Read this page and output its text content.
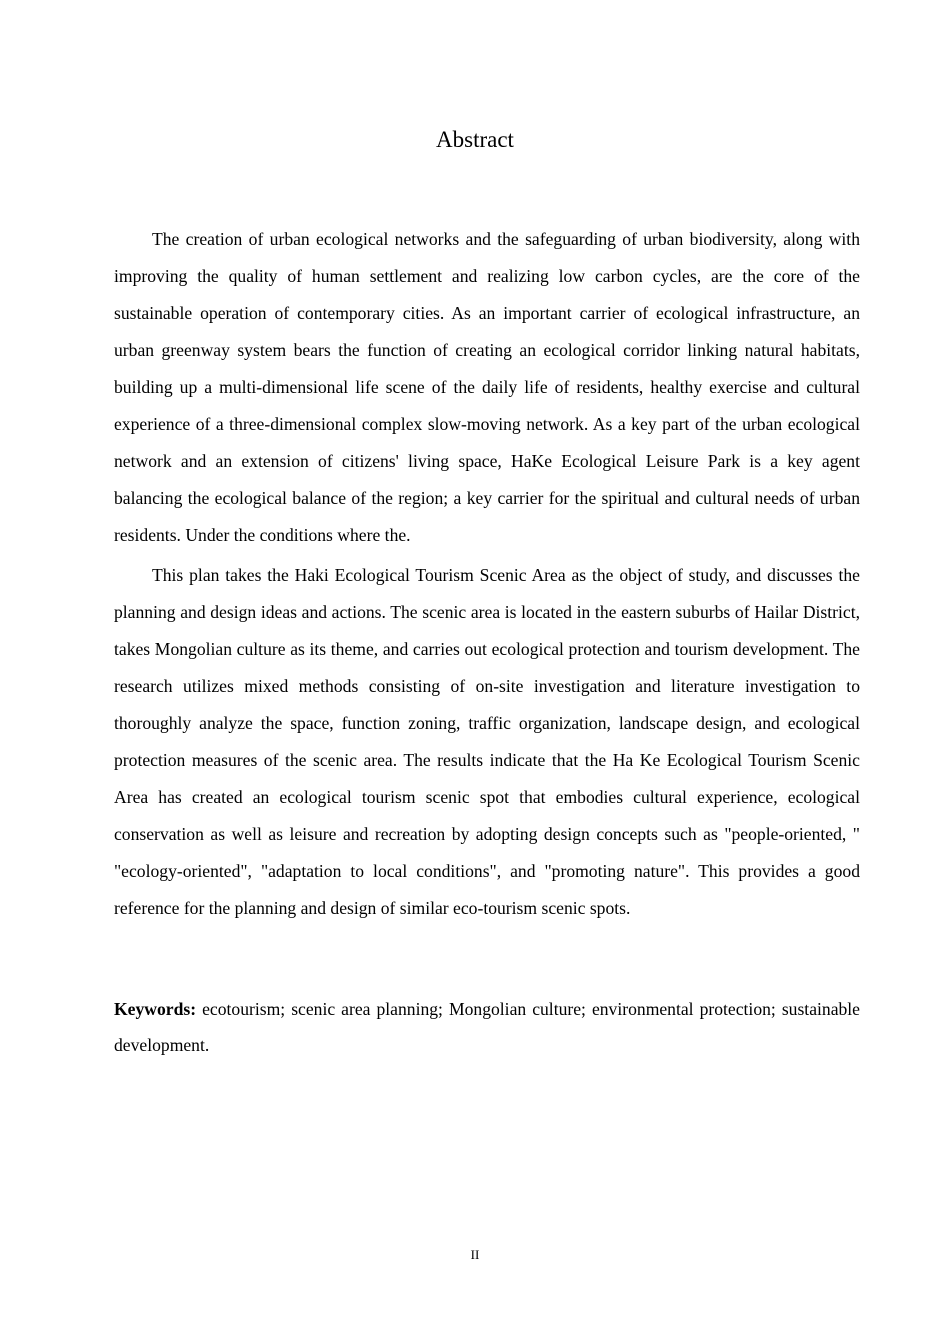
Abstract

The creation of urban ecological networks and the safeguarding of urban biodiversity, along with improving the quality of human settlement and realizing low carbon cycles, are the core of the sustainable operation of contemporary cities. As an important carrier of ecological infrastructure, an urban greenway system bears the function of creating an ecological corridor linking natural habitats, building up a multi-dimensional life scene of the daily life of residents, healthy exercise and cultural experience of a three-dimensional complex slow-moving network. As a key part of the urban ecological network and an extension of citizens' living space, HaKe Ecological Leisure Park is a key agent balancing the ecological balance of the region; a key carrier for the spiritual and cultural needs of urban residents. Under the conditions where the.

This plan takes the Haki Ecological Tourism Scenic Area as the object of study, and discusses the planning and design ideas and actions. The scenic area is located in the eastern suburbs of Hailar District, takes Mongolian culture as its theme, and carries out ecological protection and tourism development. The research utilizes mixed methods consisting of on-site investigation and literature investigation to thoroughly analyze the space, function zoning, traffic organization, landscape design, and ecological protection measures of the scenic area. The results indicate that the Ha Ke Ecological Tourism Scenic Area has created an ecological tourism scenic spot that embodies cultural experience, ecological conservation as well as leisure and recreation by adopting design concepts such as "people-oriented, " "ecology-oriented", "adaptation to local conditions", and "promoting nature". This provides a good reference for the planning and design of similar eco-tourism scenic spots.

Keywords: ecotourism; scenic area planning; Mongolian culture; environmental protection; sustainable development.

II
